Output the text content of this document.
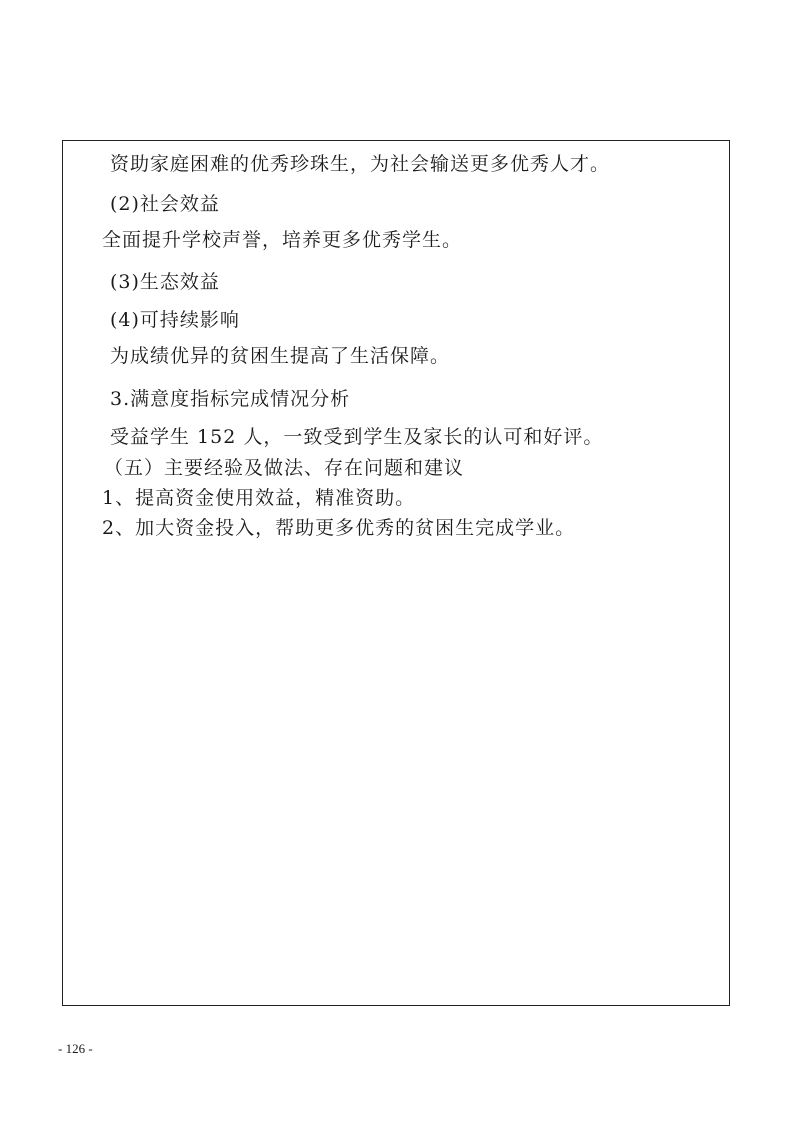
资助家庭困难的优秀珍珠生，为社会输送更多优秀人才。
(2)社会效益
全面提升学校声誉，培养更多优秀学生。
(3)生态效益
(4)可持续影响
为成绩优异的贫困生提高了生活保障。
3.满意度指标完成情况分析
受益学生 152 人，一致受到学生及家长的认可和好评。
（五）主要经验及做法、存在问题和建议
1、提高资金使用效益，精准资助。
2、加大资金投入，帮助更多优秀的贫困生完成学业。
- 126 -
